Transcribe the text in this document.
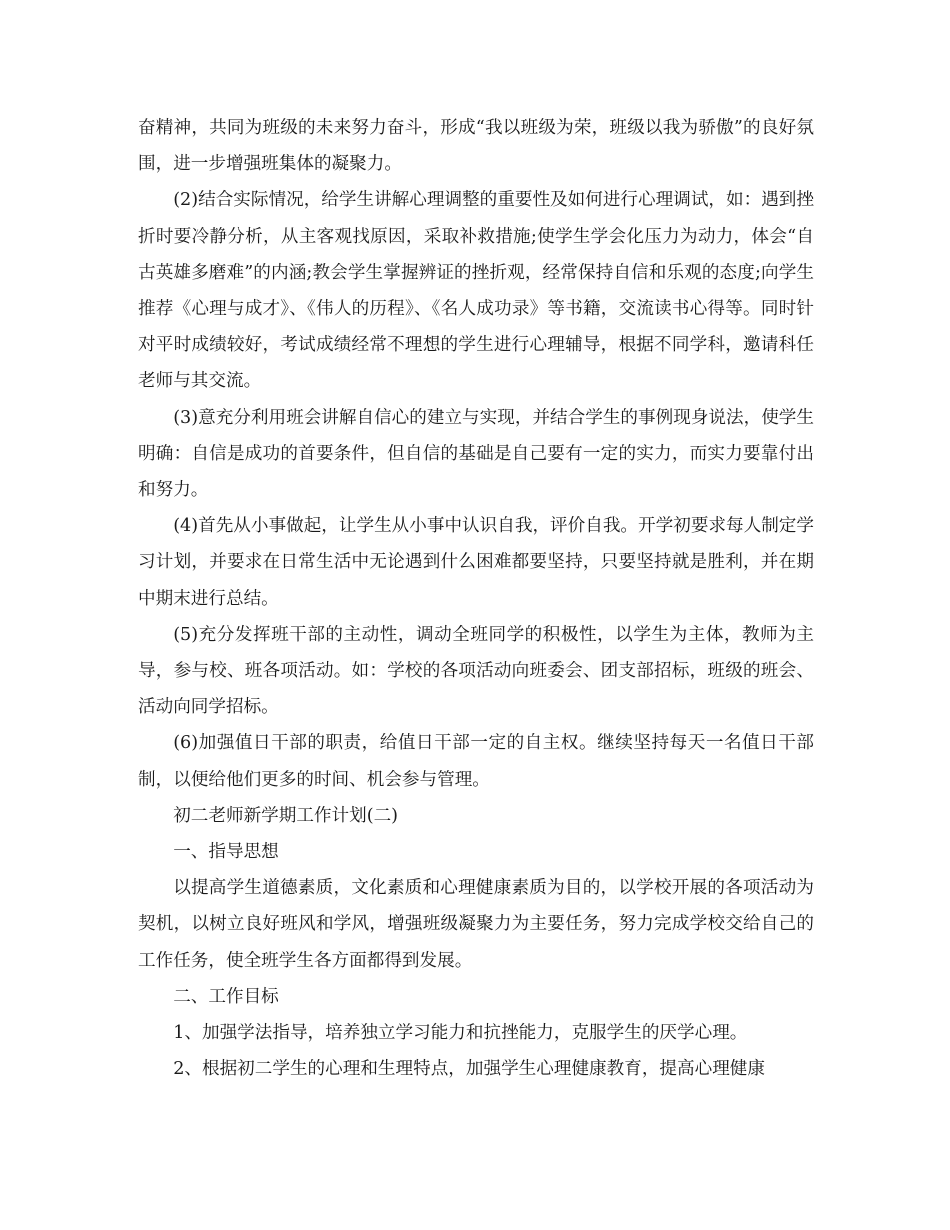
奋精神，共同为班级的未来努力奋斗，形成“我以班级为荣，班级以我为骄傲”的良好氛围，进一步增强班集体的凝聚力。

(2)结合实际情况，给学生讲解心理调整的重要性及如何进行心理调试，如：遇到挫折时要冷静分析，从主客观找原因，采取补救措施;使学生学会化压力为动力，体会“自古英雄多磨难”的内涵;教会学生掌握辨证的挫折观，经常保持自信和乐观的态度;向学生推荐《心理与成才》、《伟人的历程》、《名人成功录》等书籍，交流读书心得等。同时针对平时成绩较好，考试成绩经常不理想的学生进行心理辅导，根据不同学科，邀请科任老师与其交流。

(3)意充分利用班会讲解自信心的建立与实现，并结合学生的事例现身说法，使学生明确：自信是成功的首要条件，但自信的基础是自己要有一定的实力，而实力要靠付出和努力。

(4)首先从小事做起，让学生从小事中认识自我，评价自我。开学初要求每人制定学习计划，并要求在日常生活中无论遇到什么困难都要坚持，只要坚持就是胜利，并在期中期末进行总结。

(5)充分发挥班干部的主动性，调动全班同学的积极性，以学生为主体，教师为主导，参与校、班各项活动。如：学校的各项活动向班委会、团支部招标，班级的班会、活动向同学招标。

(6)加强值日干部的职责，给值日干部一定的自主权。继续坚持每天一名值日干部制，以便给他们更多的时间、机会参与管理。

初二老师新学期工作计划(二)

一、指导思想

以提高学生道德素质，文化素质和心理健康素质为目的，以学校开展的各项活动为契机，以树立良好班风和学风，增强班级凝聚力为主要任务，努力完成学校交给自己的工作任务，使全班学生各方面都得到发展。

二、工作目标

1、加强学法指导，培养独立学习能力和抗挫能力，克服学生的厌学心理。

2、根据初二学生的心理和生理特点，加强学生心理健康教育，提高心理健康
